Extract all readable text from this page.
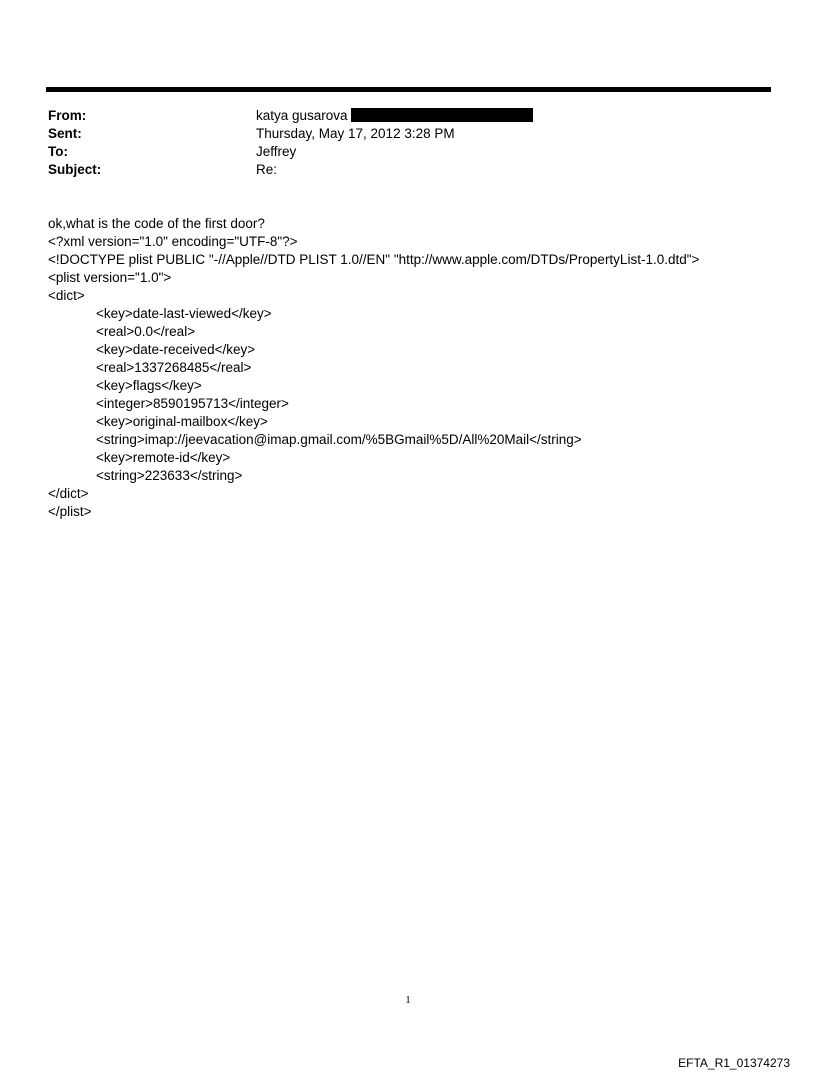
From:	katya gusarova
Sent:	Thursday, May 17, 2012 3:28 PM
To:	Jeffrey
Subject:	Re:
ok,what is the code of the first door?
<?xml version="1.0" encoding="UTF-8"?>
<!DOCTYPE plist PUBLIC "-//Apple//DTD PLIST 1.0//EN" "http://www.apple.com/DTDs/PropertyList-1.0.dtd">
<plist version="1.0">
<dict>
<key>date-last-viewed</key>
<real>0.0</real>
<key>date-received</key>
<real>1337268485</real>
<key>flags</key>
<integer>8590195713</integer>
<key>original-mailbox</key>
<string>imap://jeevacation@imap.gmail.com/%5BGmail%5D/All%20Mail</string>
<key>remote-id</key>
<string>223633</string>
</dict>
</plist>
1
EFTA_R1_01374273
